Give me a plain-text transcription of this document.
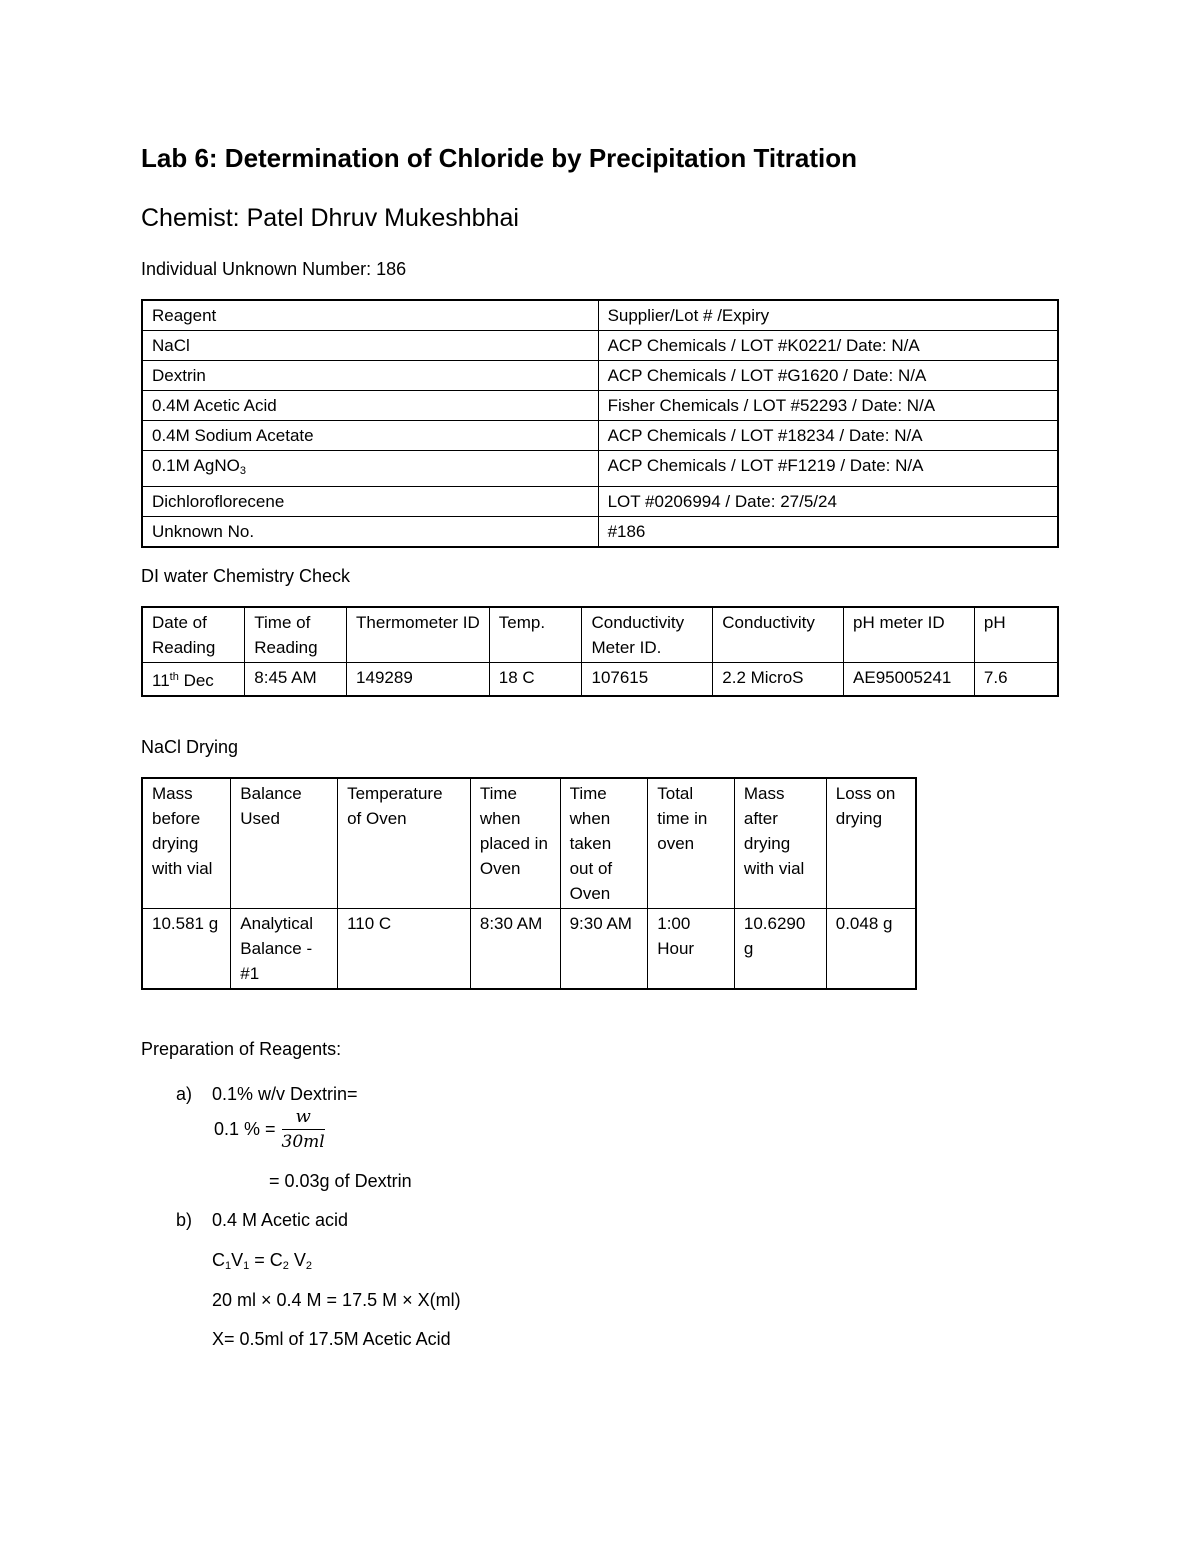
Lab 6: Determination of Chloride by Precipitation Titration
Chemist: Patel Dhruv Mukeshbhai
Individual Unknown Number: 186
Reagent	Supplier/Lot # /Expiry
NaCl	ACP Chemicals / LOT #K0221/ Date: N/A
Dextrin	ACP Chemicals / LOT #G1620 / Date: N/A
0.4M Acetic Acid	Fisher Chemicals / LOT #52293 / Date: N/A
0.4M Sodium Acetate	ACP Chemicals / LOT #18234 / Date: N/A
0.1M AgNO$_3$	ACP Chemicals / LOT #F1219 / Date: N/A
Dichloroflorecene	LOT #0206994 / Date: 27/5/24
Unknown No.	#186
DI water Chemistry Check
Date of Reading	Time of Reading	Thermometer ID	Temp.	Conductivity Meter ID.	Conductivity	pH meter ID	pH
11th Dec	8:45 AM	149289	18 C	107615	2.2 MicroS	AE95005241	7.6
NaCl Drying
Mass before drying with vial	Balance Used	Temperature of Oven	Time when placed in Oven	Time when taken out of Oven	Total time in oven	Mass after drying with vial	Loss on drying
10.581 g	Analytical Balance - #1	110 C	8:30 AM	9:30 AM	1:00 Hour	10.6290 g	0.048 g
Preparation of Reagents:
a) 0.1% w/v Dextrin=
0.1 % = $\frac{w}{30ml}$
= 0.03g of Dextrin
b) 0.4 M Acetic acid
$C_1V_1 = C_2$ $V_2$
20 ml × 0.4 M = 17.5 M × X(ml)
X= 0.5ml of 17.5M Acetic Acid
